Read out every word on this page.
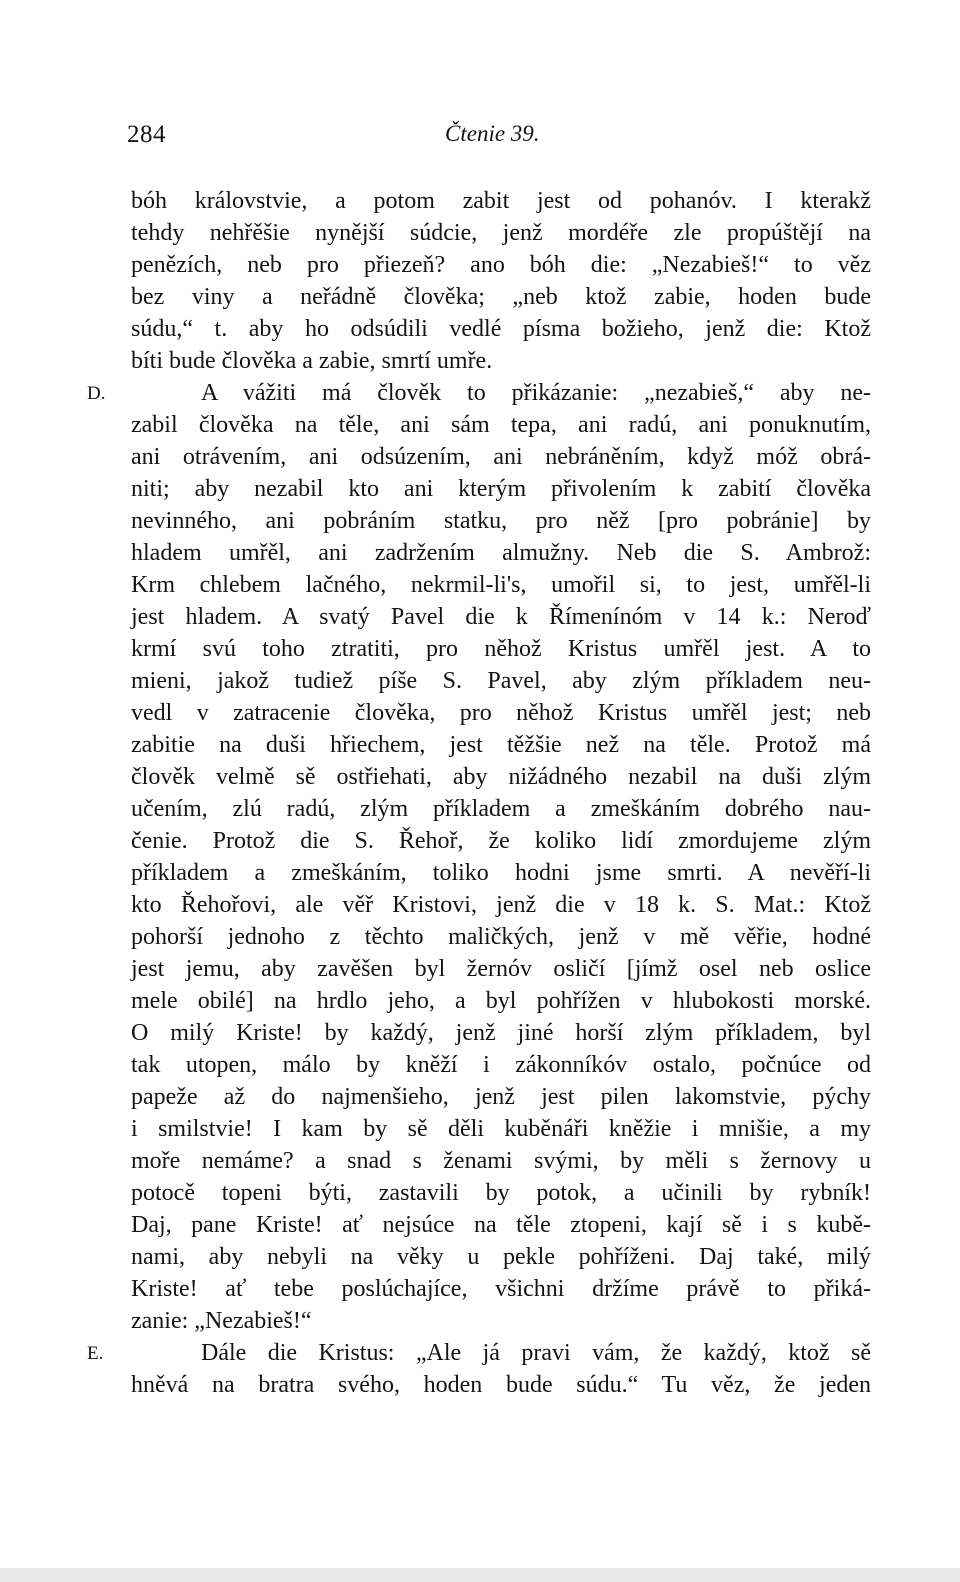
284	Čtenie 39.
bóh královstvie, a potom zabit jest od pohanóv. I kterakž
tehdy nehřěšie nynější súdcie, jenž mordéře zle propúštějí na
penězích, neb pro přiezeň? ano bóh die: „Nezabieš!“ to věz
bez viny a neřádně člověka; „neb ktož zabie, hoden bude
súdu,“ t. aby ho odsúdili vedlé písma božieho, jenž die: Ktož
bíti bude člověka a zabie, smrtí umře.
D.	A vážiti má člověk to přikázanie: „nezabieš,“ aby ne-
zabil člověka na těle, ani sám tepa, ani radú, ani ponuknutím,
ani otrávením, ani odsúzením, ani nebráněním, když móž obrá-
niti; aby nezabil kto ani kterým přivolením k zabití člověka
nevinného, ani pobráním statku, pro něž [pro pobránie] by
hladem umřěl, ani zadržením almužny. Neb die S. Ambrož:
Krm chlebem lačného, nekrmil-li's, umořil si, to jest, umřěl-li
jest hladem. A svatý Pavel die k Římenínóm v 14 k.: Neroď
krmí svú toho ztratiti, pro něhož Kristus umřěl jest. A to
mieni, jakož tudiež píše S. Pavel, aby zlým příkladem neu-
vedl v zatracenie člověka, pro něhož Kristus umřěl jest; neb
zabitie na duši hřiechem, jest těžšie než na těle. Protož má
člověk velmě sě ostřiehati, aby nižádného nezabil na duši zlým
učením, zlú radú, zlým příkladem a zmeškáním dobrého nau-
čenie. Protož die S. Řehoř, že koliko lidí zmordujeme zlým
příkladem a zmeškáním, toliko hodni jsme smrti. A nevěří-li
kto Řehořovi, ale věř Kristovi, jenž die v 18 k. S. Mat.: Ktož
pohorší jednoho z těchto maličkých, jenž v mě věřie, hodné
jest jemu, aby zavěšen byl žernóv osličí [jímž osel neb oslice
mele obilé] na hrdlo jeho, a byl pohřížen v hlubokosti morské.
O milý Kriste! by každý, jenž jiné horší zlým příkladem, byl
tak utopen, málo by kněží i zákonníkóv ostalo, počnúce od
papeže až do najmenšieho, jenž jest pilen lakomstvie, pýchy
i smilstvie! I kam by sě děli kuběnáři kněžie i mnišie, a my
moře nemáme? a snad s ženami svými, by měli s žernovy u
potocě topeni býti, zastavili by potok, a učinili by rybník!
Daj, pane Kriste! ať nejsúce na těle ztopeni, kají sě i s kubě-
nami, aby nebyli na věky u pekle pohříženi. Daj také, milý
Kriste! ať tebe poslúchajíce, všichni držíme právě to přiká-
zanie: „Nezabieš!“
E.	Dále die Kristus: „Ale já pravi vám, že každý, ktož sě
hněvá na bratra svého, hoden bude súdu.“ Tu věz, že jeden
